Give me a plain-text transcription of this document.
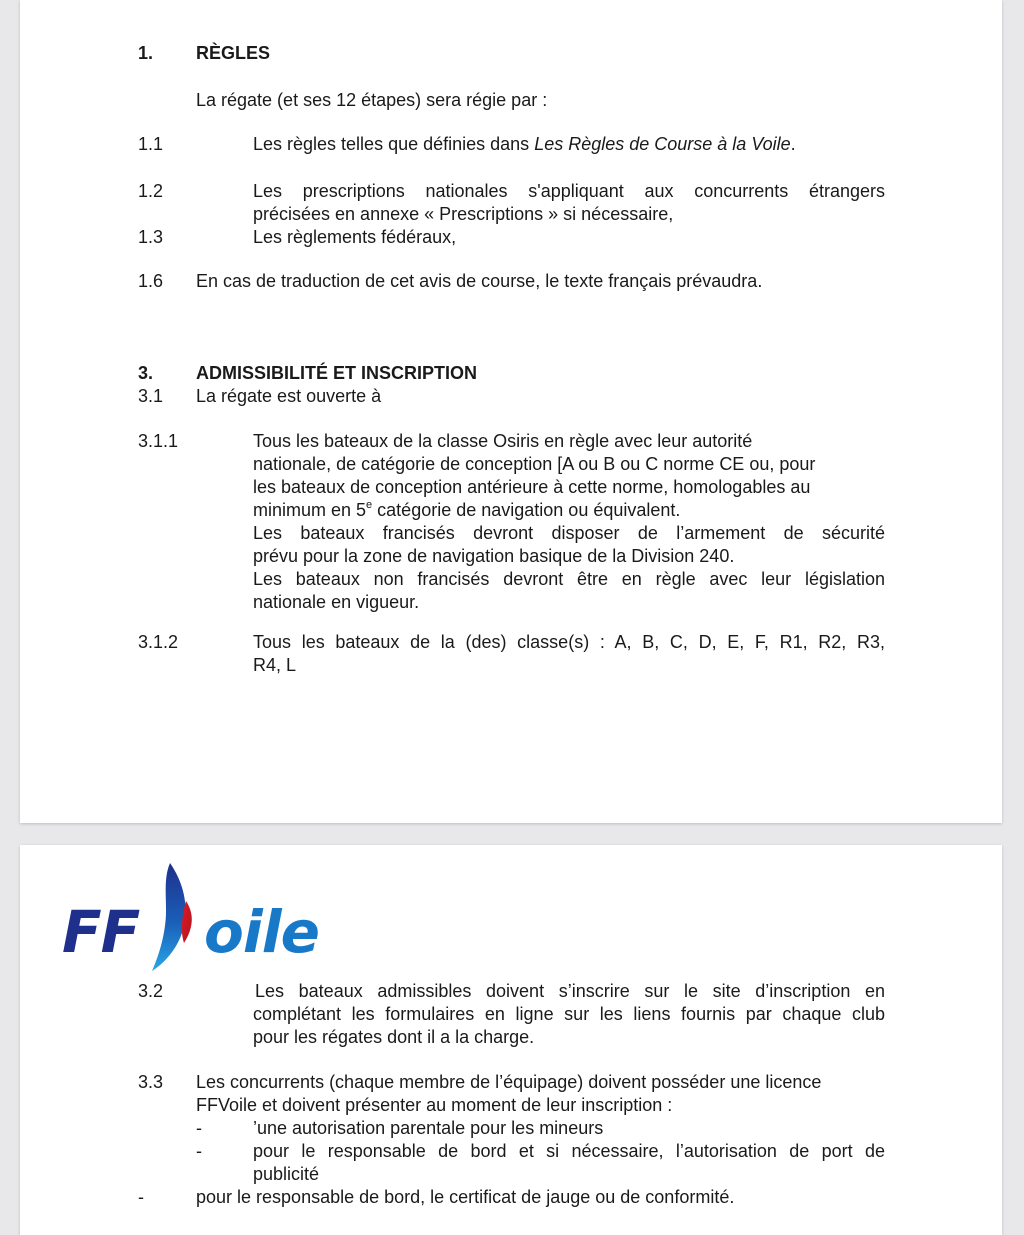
1. RÈGLES
La régate (et ses 12 étapes) sera régie par :
1.1	Les règles telles que définies dans Les Règles de Course à la Voile.
1.2	Les prescriptions nationales s'appliquant aux concurrents étrangers
précisées en annexe « Prescriptions » si nécessaire,
1.3	Les règlements fédéraux,
1.6 En cas de traduction de cet avis de course, le texte français prévaudra.
3. ADMISSIBILITÉ ET INSCRIPTION
3.1 La régate est ouverte à
3.1.1	Tous les bateaux de la classe Osiris en règle avec leur autorité
nationale, de catégorie de conception [A ou B ou C norme CE ou, pour
les bateaux de conception antérieure à cette norme, homologables au
minimum en 5e catégorie de navigation ou équivalent.
Les bateaux francisés devront disposer de l’armement de sécurité
prévu pour la zone de navigation basique de la Division 240.
Les bateaux non francisés devront être en règle avec leur législation
nationale en vigueur.
3.1.2	Tous les bateaux de la (des) classe(s) : A, B, C, D, E, F, R1, R2, R3,
R4, L
FF oile
3.2	Les bateaux admissibles doivent s’inscrire sur le site d’inscription en
complétant les formulaires en ligne sur les liens fournis par chaque club
pour les régates dont il a la charge.
3.3 Les concurrents (chaque membre de l’équipage) doivent posséder une licence
FFVoile et doivent présenter au moment de leur inscription :
-	’une autorisation parentale pour les mineurs
-	pour le responsable de bord et si nécessaire, l’autorisation de port de
publicité
-	pour le responsable de bord, le certificat de jauge ou de conformité.
